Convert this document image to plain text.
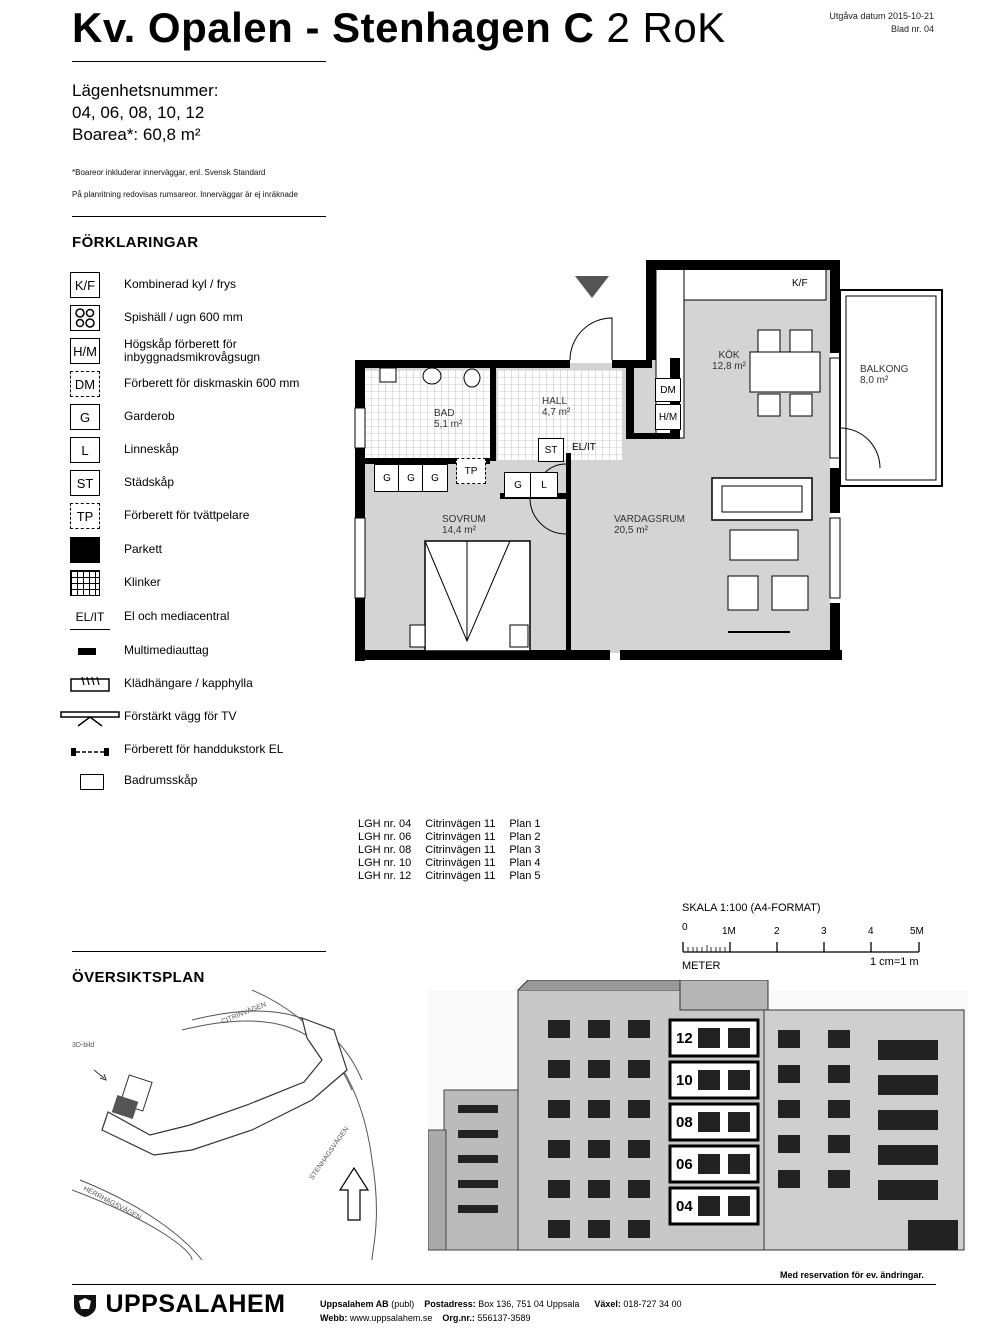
Kv. Opalen - Stenhagen C 2 RoK	Utgåva datum 2015-10-21
Blad nr. 04
Lägenhetsnummer:
04, 06, 08, 10, 12
Boarea*: 60,8 m²
*Boareor inkluderar innerväggar, enl. Svensk Standard
På planritning redovisas rumsareor. Innerväggar är ej inräknade
FÖRKLARINGAR
K/F	Kombinerad kyl / frys
Spishäll / ugn 600 mm
H/M Högskåp förberett för
inbyggnadsmikrovågsugn
DM	Förberett för diskmaskin 600 mm
G	Garderob
L	Linneskåp
ST	Städskåp
TP	Förberett för tvättpelare
Parkett
Klinker
EL/IT	El och mediacentral
Multimediauttag
Klädhängare / kapphylla
Förstärkt vägg för TV
Förberett för handdukstork EL
Badrumsskåp
KÖK
12,8 m²	BALKONG
8,0 m²
BAD
5,1 m²
HALL
4,7 m²
SOVRUM
14,4 m²
VARDAGSRUM
20,5 m²
K/F
DM
H/M
ST	EL/IT
G	G	G
TP
G	L
LGH nr. 04	Citrinvägen 11	Plan 1
LGH nr. 06	Citrinvägen 11	Plan 2
LGH nr. 08	Citrinvägen 11	Plan 3
LGH nr. 10	Citrinvägen 11	Plan 4
LGH nr. 12	Citrinvägen 11	Plan 5
SKALA 1:100 (A4-FORMAT)
0	1M	2	3	4	5M
METER	1 cm=1 m
ÖVERSIKTSPLAN
3D-bild
CITRINVÄGEN
STENHAGSVÄGEN
HERRHAGSVÄGEN
12
10
08
06
04
Med reservation för ev. ändringar.
UPPSALAHEM	Uppsalahem AB (publ) Postadress: Box 136, 751 04 Uppsala Växel: 018-727 34 00
Webb: www.uppsalahem.se Org.nr.: 556137-3589
